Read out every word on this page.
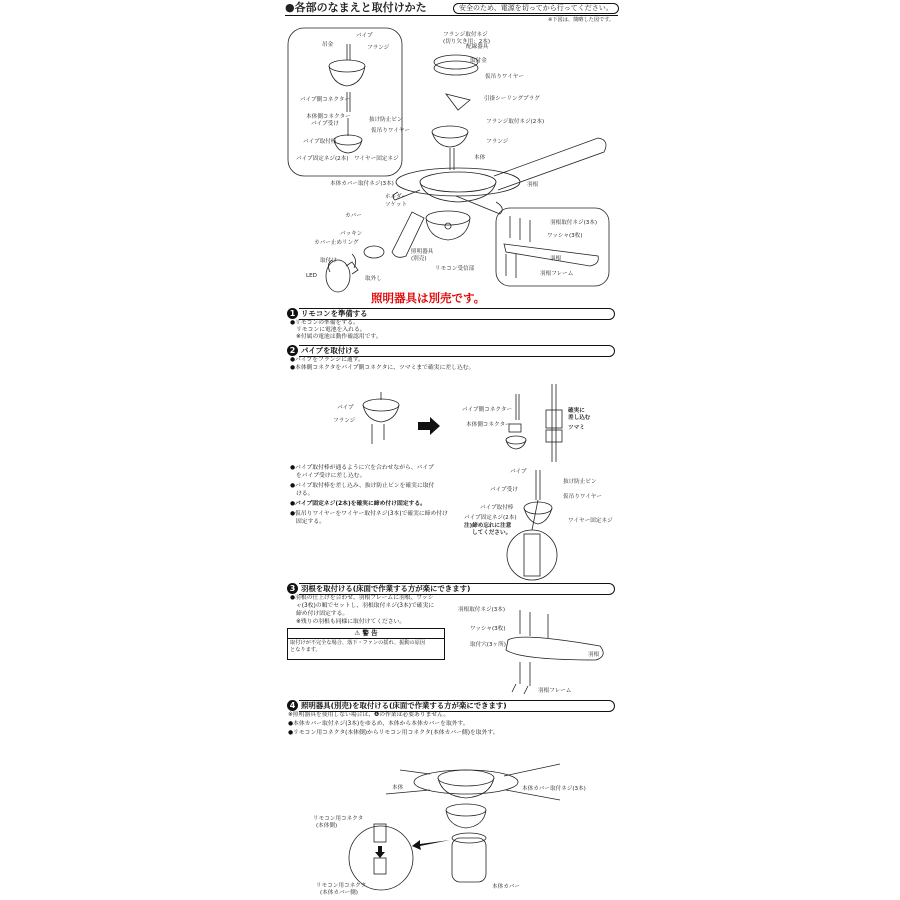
●各部のなまえと取付けかた	安全のため、電源を切ってから行ってください。
※下図は、簡略した図です。
パイプ
吊金	フランジ
パイプ側コネクター
本体側コネクター
パイプ受け
抜け防止ピン
仮吊りワイヤー
パイプ取付棒
パイプ固定ネジ(2本) ワイヤー固定ネジ
フランジ取付ネジ
(切り欠き用：2本)
配線器具
取付金
仮吊りワイヤー
引掛シーリングプラグ
フランジ取付ネジ(2本)
フランジ
本体
羽根
本体カバー取付ネジ(3本)
ホルダー
ソケット
カバー
パッキン
カバー止めリング
取付け
取外し
LED
照明器具
(別売)
リモコン受信部
羽根取付ネジ(3本)
ワッシャ(3枚)
羽根
羽根フレーム
照明器具は別売です。
1 リモコンを準備する
●リモコンの準備をする。
リモコンに電池を入れる。
※付属の電池は動作確認用です。
2 パイプを取付ける
●パイプをフランジに通す。
●本体側コネクタをパイプ側コネクタに、ツマミまで確実に差し込む。
パイプ
フランジ
パイプ側コネクター
本体側コネクター
確実に
差し込む
ツマミ
●パイプ取付棒が通るように穴を合わせながら、パイプ
をパイプ受けに差し込む。
●パイプ取付棒を差し込み、抜け防止ピンを確実に取付
ける。
●パイプ固定ネジ(2本)を確実に締め付け固定する。
●仮吊りワイヤーをワイヤー取付ネジ(3本)で確実に締め付け
固定する。
パイプ
抜け防止ピン
パイプ受け
仮吊りワイヤー
パイプ取付棒
パイプ固定ネジ(2本)	ワイヤー固定ネジ
注)締め忘れに注意
してください。
3 羽根を取付ける(床面で作業する方が楽にできます)
●羽根の仕上げを合わせ、羽根フレームに羽根、ワッシ
ャ(3枚)の順でセットし、羽根取付ネジ(3本)で確実に
締め付け固定する。
※残りの羽根も同様に取付けてください。
⚠ 警 告
取付けが不完全な場合、落下・ファンの揺れ、振動の原因
となります。
羽根取付ネジ(3本)
ワッシャ(3枚)
取付穴(3ヶ所)
羽根
羽根フレーム
4 照明器具(別売)を取付ける(床面で作業する方が楽にできます)
※照明器具を使用しない場合は、❹の作業は必要ありません。
●本体カバー取付ネジ(3本)をゆるめ、本体から本体カバーを取外す。
●リモコン用コネクタ(本体側)からリモコン用コネクタ(本体カバー側)を取外す。
本体	本体カバー取付ネジ(3本)
リモコン用コネクタ
(本体側)
リモコン用コネクタ
(本体カバー側)
本体カバー
